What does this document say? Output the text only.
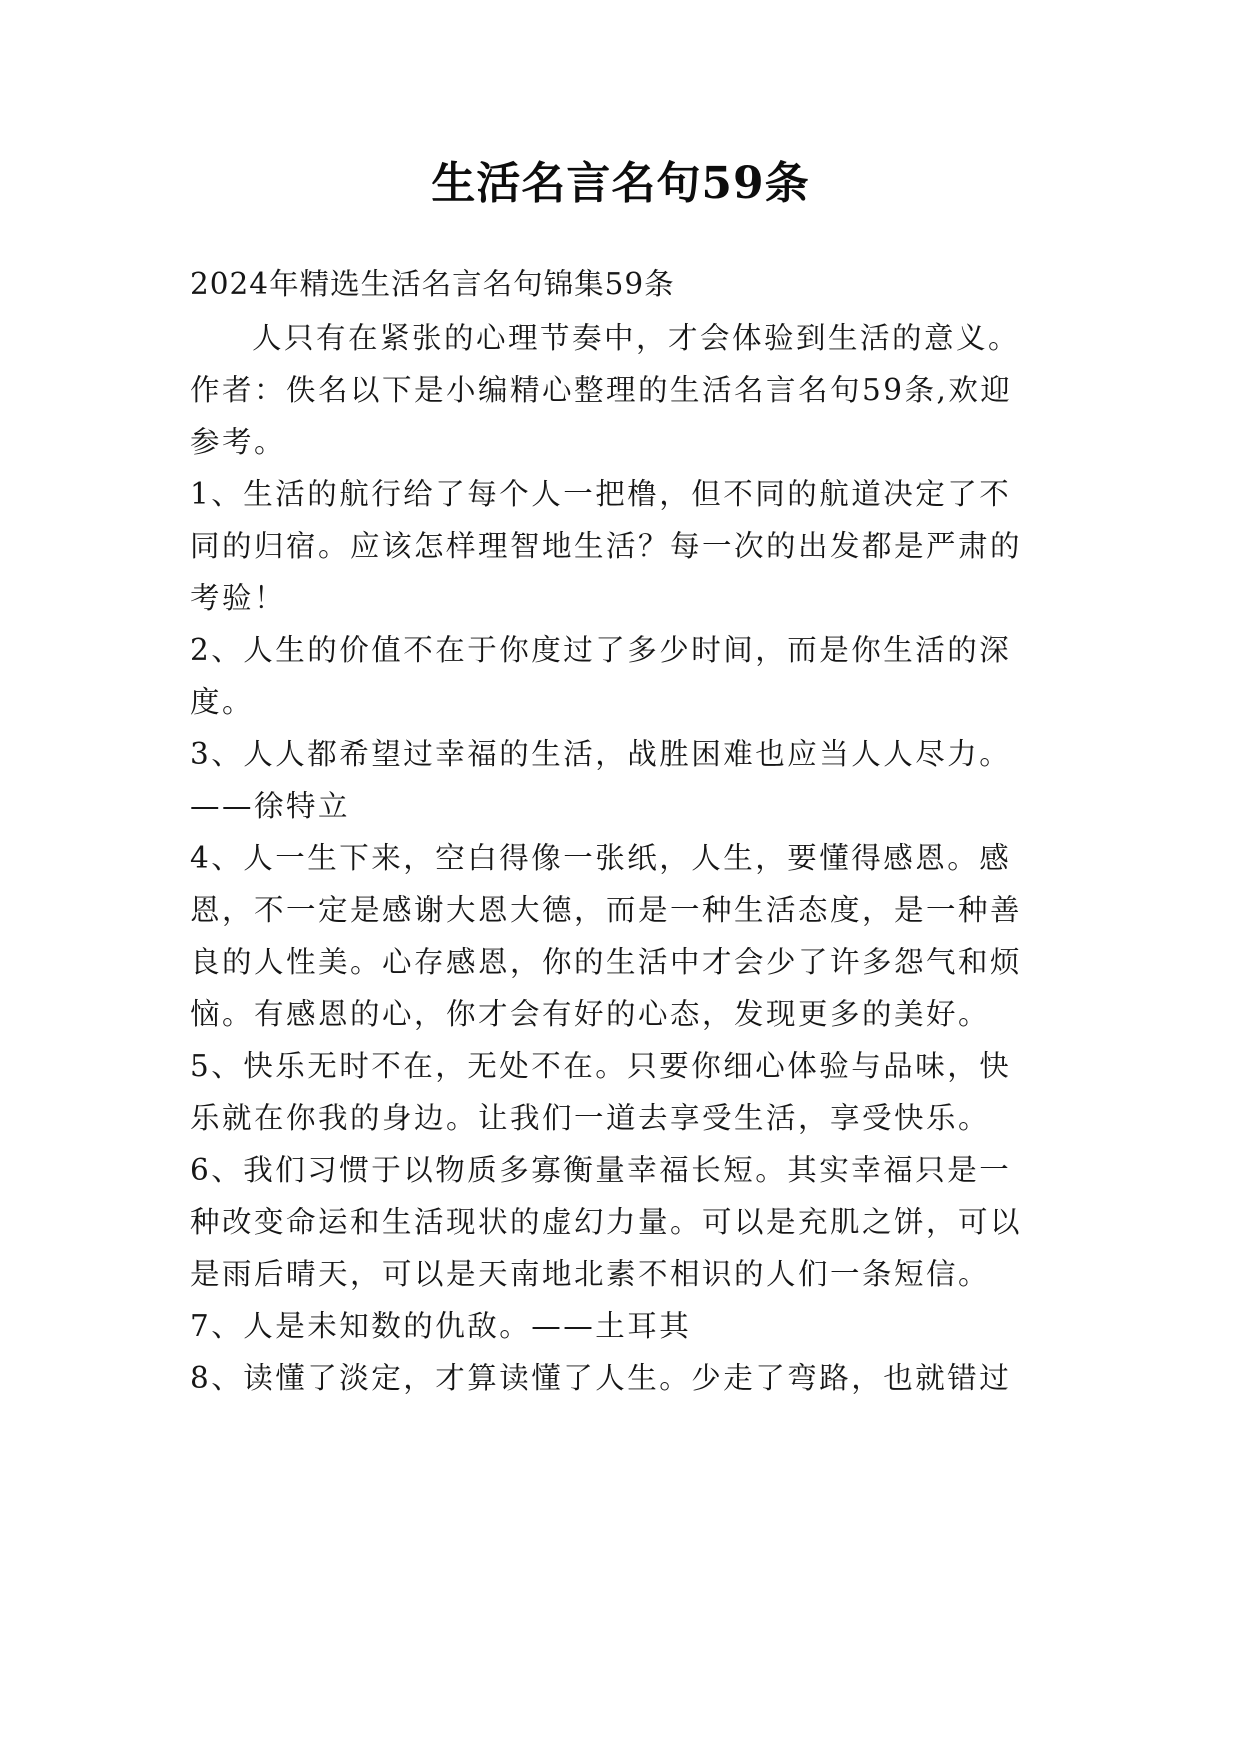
生活名言名句59条
2024年精选生活名言名句锦集59条
人只有在紧张的心理节奏中，才会体验到生活的意义。
作者：佚名以下是小编精心整理的生活名言名句59条,欢迎
参考。
1、生活的航行给了每个人一把橹，但不同的航道决定了不
同的归宿。应该怎样理智地生活？每一次的出发都是严肃的
考验！
2、人生的价值不在于你度过了多少时间，而是你生活的深
度。
3、人人都希望过幸福的生活，战胜困难也应当人人尽力。
——徐特立
4、人一生下来，空白得像一张纸，人生，要懂得感恩。感
恩，不一定是感谢大恩大德，而是一种生活态度，是一种善
良的人性美。心存感恩，你的生活中才会少了许多怨气和烦
恼。有感恩的心，你才会有好的心态，发现更多的美好。
5、快乐无时不在，无处不在。只要你细心体验与品味，快
乐就在你我的身边。让我们一道去享受生活，享受快乐。
6、我们习惯于以物质多寡衡量幸福长短。其实幸福只是一
种改变命运和生活现状的虚幻力量。可以是充肌之饼，可以
是雨后晴天，可以是天南地北素不相识的人们一条短信。
7、人是未知数的仇敌。——土耳其
8、读懂了淡定，才算读懂了人生。少走了弯路，也就错过
